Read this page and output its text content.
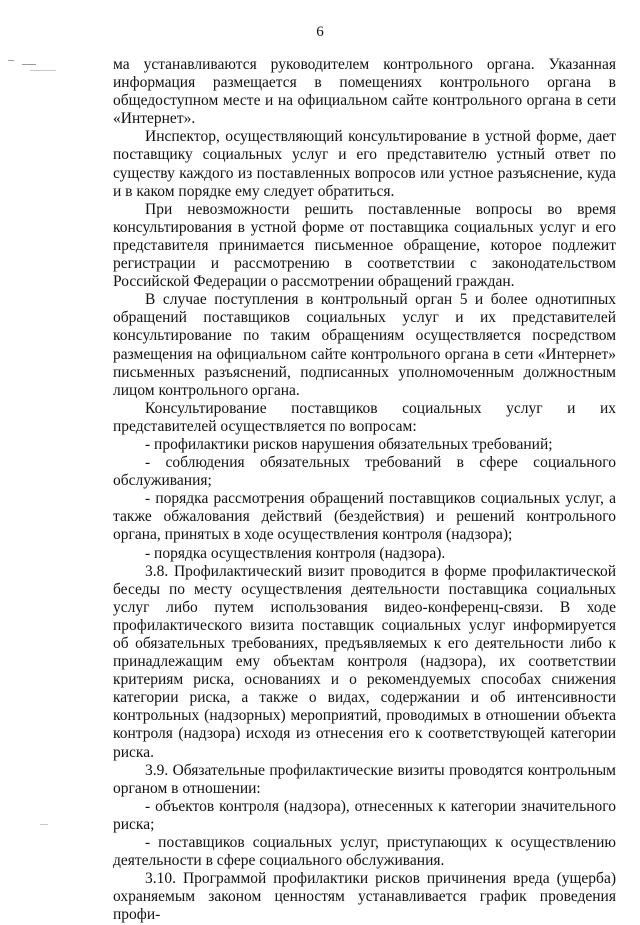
6

ма устанавливаются руководителем контрольного органа. Указанная информация размещается в помещениях контрольного органа в общедоступном месте и на официальном сайте контрольного органа в сети «Интернет».

Инспектор, осуществляющий консультирование в устной форме, дает поставщику социальных услуг и его представителю устный ответ по существу каждого из поставленных вопросов или устное разъяснение, куда и в каком порядке ему следует обратиться.

При невозможности решить поставленные вопросы во время консультирования в устной форме от поставщика социальных услуг и его представителя принимается письменное обращение, которое подлежит регистрации и рассмотрению в соответствии с законодательством Российской Федерации о рассмотрении обращений граждан.

В случае поступления в контрольный орган 5 и более однотипных обращений поставщиков социальных услуг и их представителей консультирование по таким обращениям осуществляется посредством размещения на официальном сайте контрольного органа в сети «Интернет» письменных разъяснений, подписанных уполномоченным должностным лицом контрольного органа.

Консультирование поставщиков социальных услуг и их представителей осуществляется по вопросам:

- профилактики рисков нарушения обязательных требований;

- соблюдения обязательных требований в сфере социального обслуживания;

- порядка рассмотрения обращений поставщиков социальных услуг, а также обжалования действий (бездействия) и решений контрольного органа, принятых в ходе осуществления контроля (надзора);

- порядка осуществления контроля (надзора).

3.8. Профилактический визит проводится в форме профилактической беседы по месту осуществления деятельности поставщика социальных услуг либо путем использования видео-конференц-связи. В ходе профилактического визита поставщик социальных услуг информируется об обязательных требованиях, предъявляемых к его деятельности либо к принадлежащим ему объектам контроля (надзора), их соответствии критериям риска, основаниях и о рекомендуемых способах снижения категории риска, а также о видах, содержании и об интенсивности контрольных (надзорных) мероприятий, проводимых в отношении объекта контроля (надзора) исходя из отнесения его к соответствующей категории риска.

3.9. Обязательные профилактические визиты проводятся контрольным органом в отношении:

- объектов контроля (надзора), отнесенных к категории значительного риска;

- поставщиков социальных услуг, приступающих к осуществлению деятельности в сфере социального обслуживания.

3.10. Программой профилактики рисков причинения вреда (ущерба) охраняемым законом ценностям устанавливается график проведения профи-
